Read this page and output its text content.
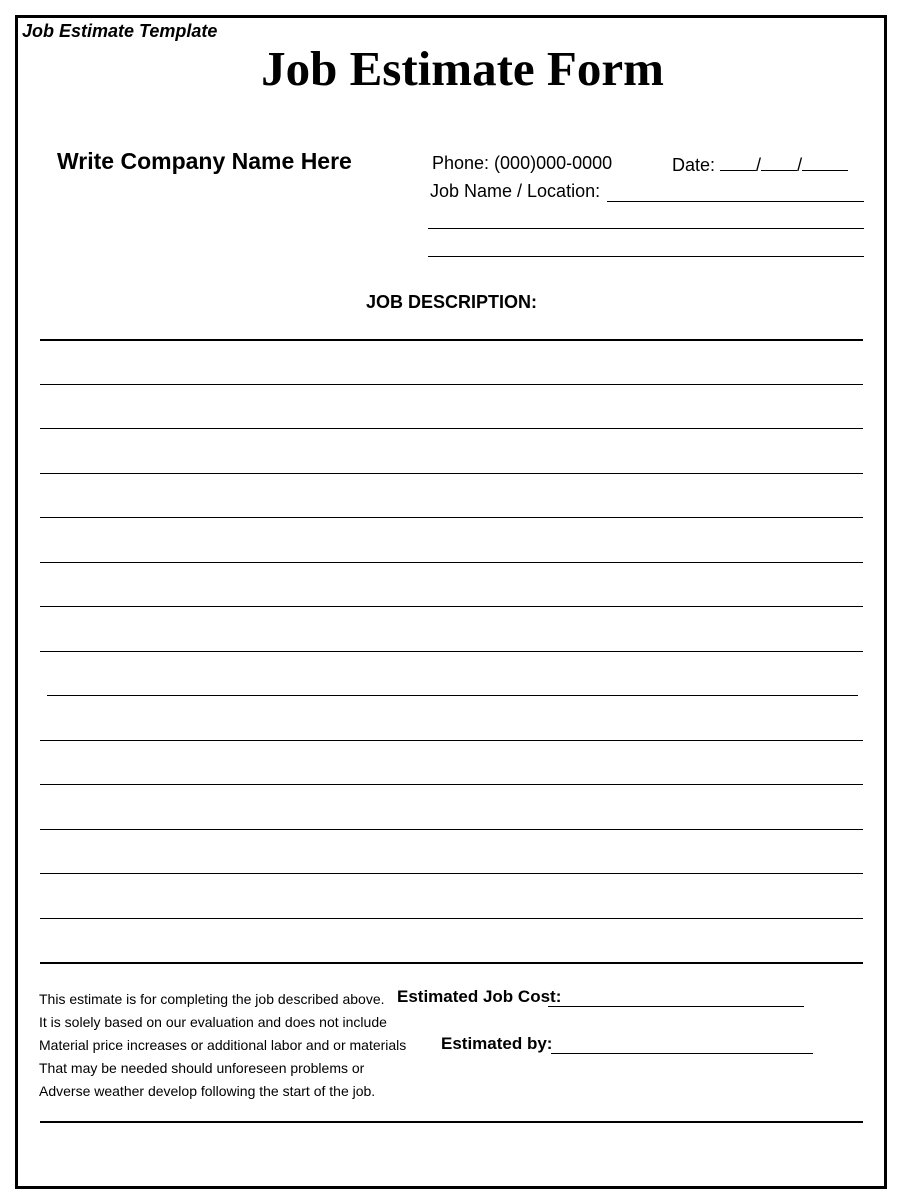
Job Estimate Template
Job Estimate Form
Write Company Name Here	Phone: (000)000-0000	Date: / /
Job Name / Location:
JOB DESCRIPTION:
This estimate is for completing the job described above.
It is solely based on our evaluation and does not include
Material price increases or additional labor and or materials
That may be needed should unforeseen problems or
Adverse weather develop following the start of the job.
Estimated Job Cost:
Estimated by:
